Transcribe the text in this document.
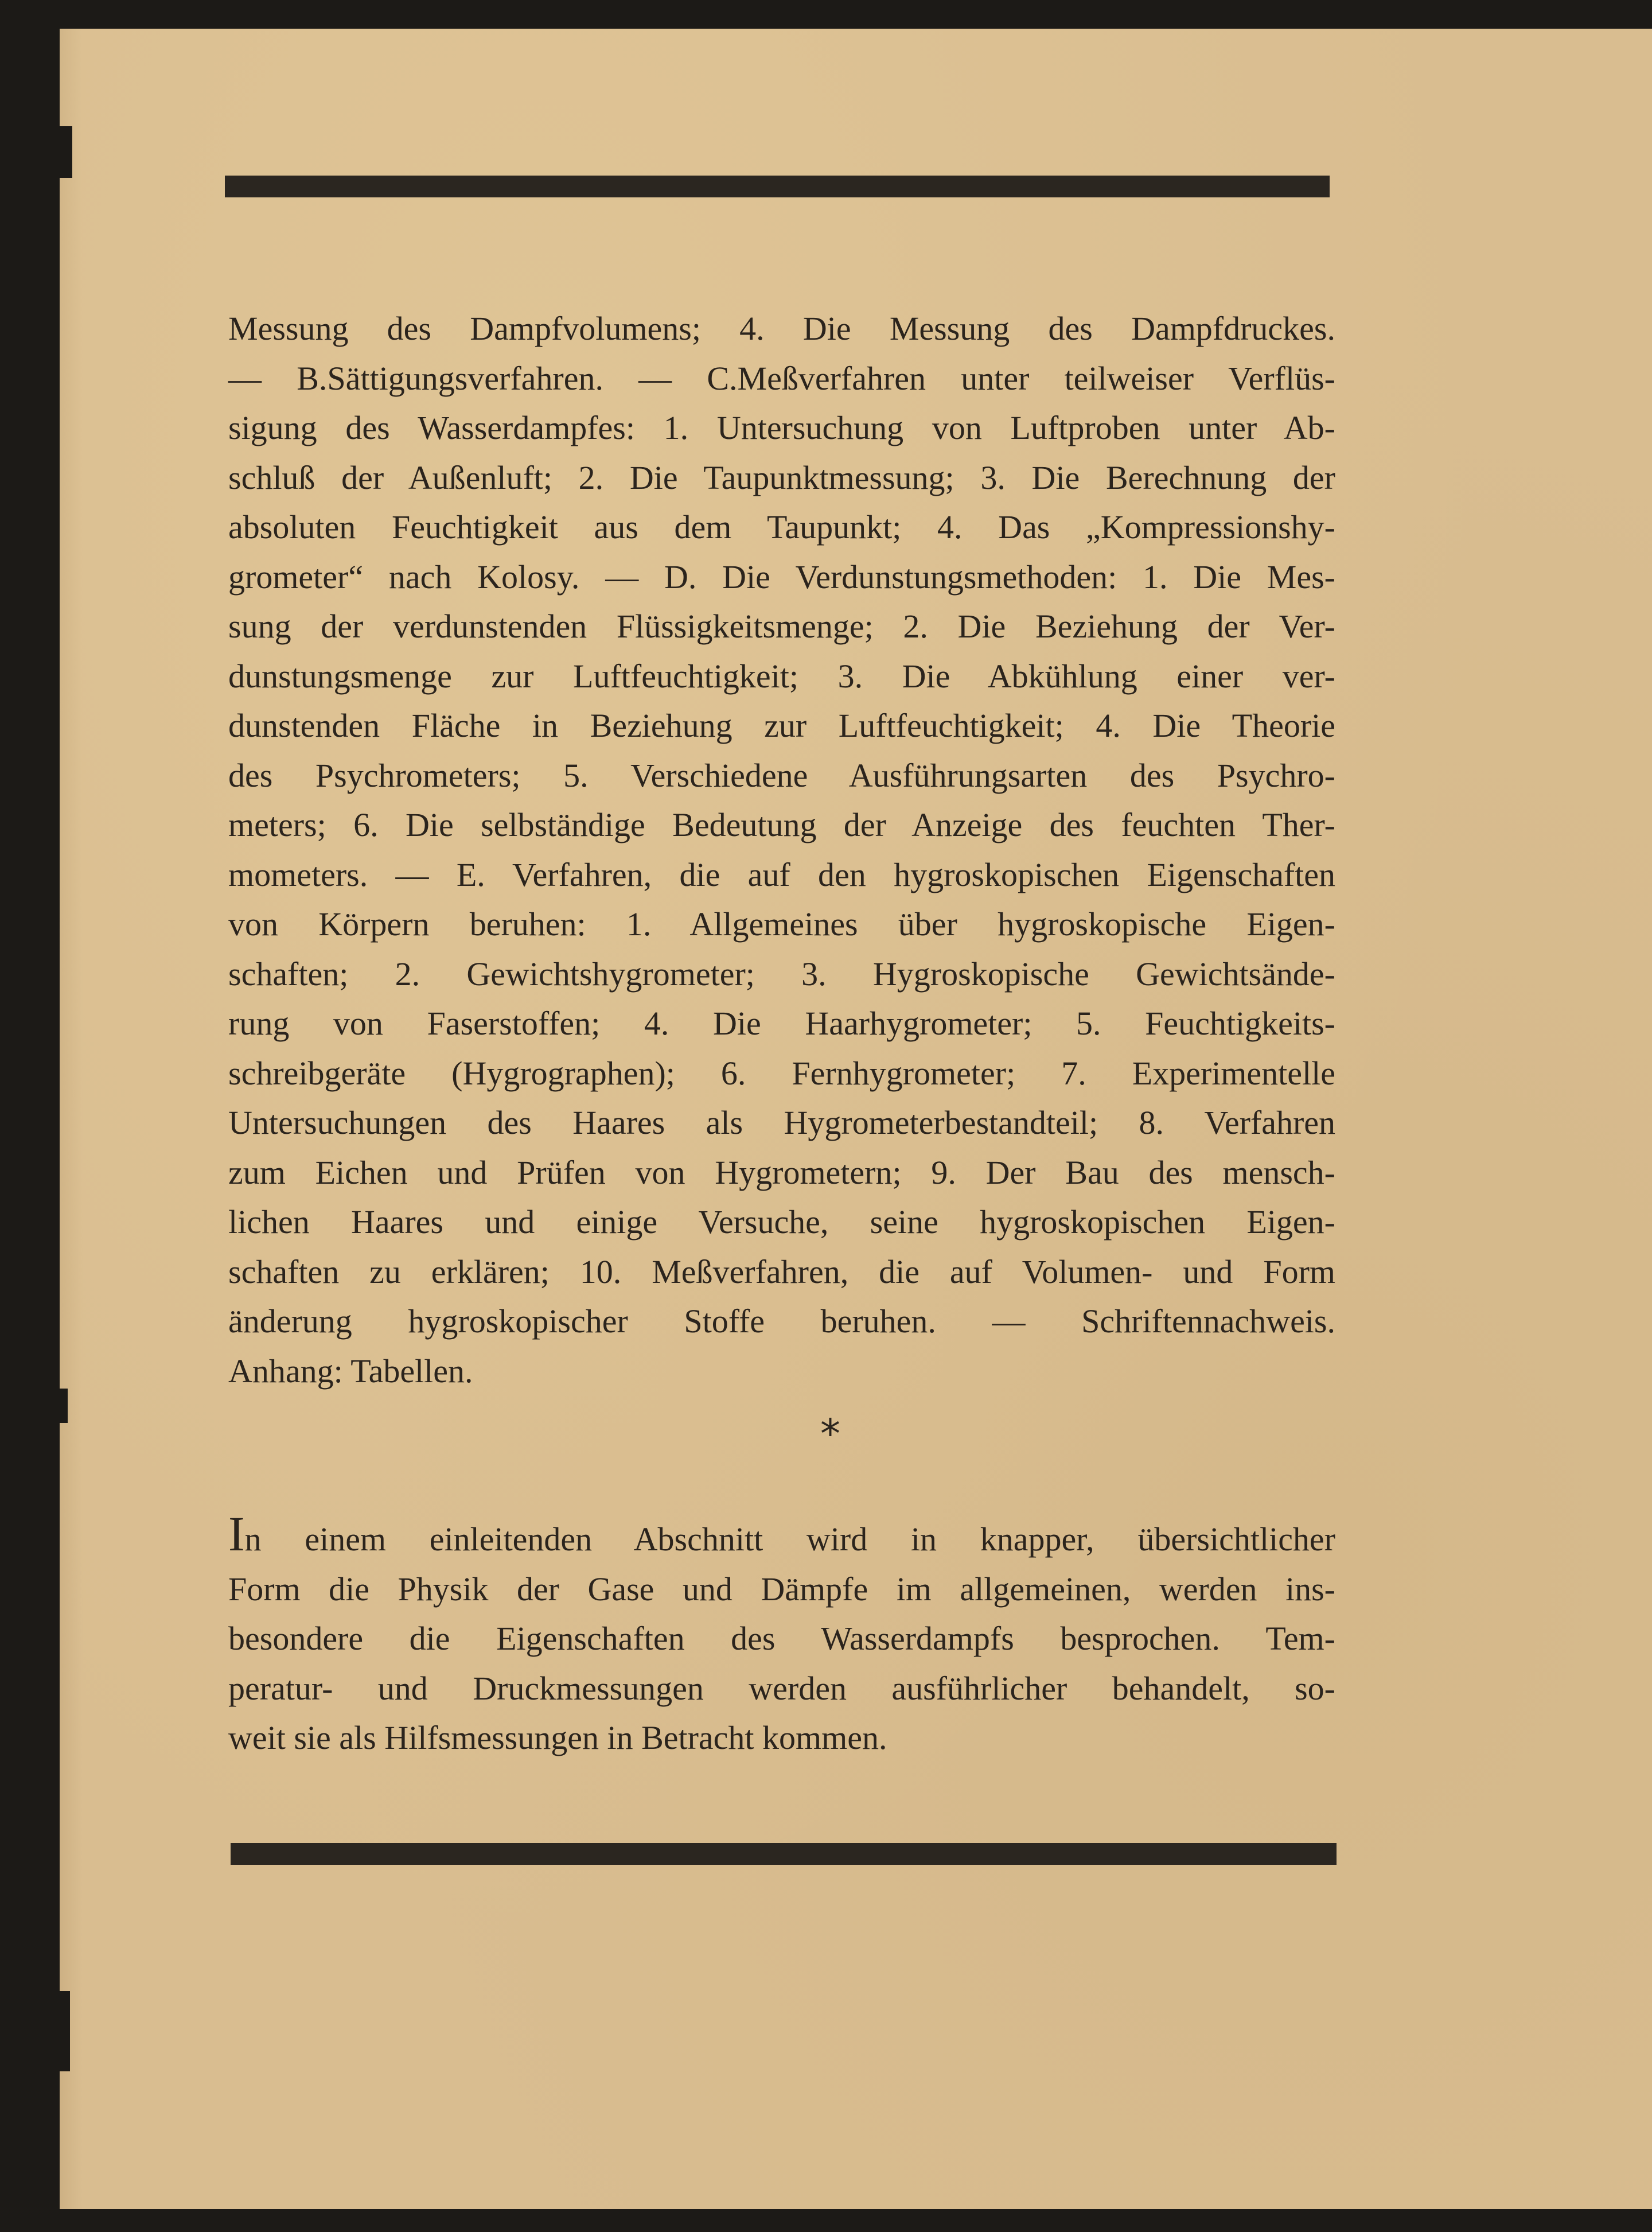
Messung des Dampfvolumens; 4. Die Messung des Dampfdruckes.
— B.Sättigungsverfahren. — C.Meßverfahren unter teilweiser Verflüs-
sigung des Wasserdampfes: 1. Untersuchung von Luftproben unter Ab-
schluß der Außenluft; 2. Die Taupunktmessung; 3. Die Berechnung der
absoluten Feuchtigkeit aus dem Taupunkt; 4. Das „Kompressionshy-
grometer“ nach Kolosy. — D. Die Verdunstungsmethoden: 1. Die Mes-
sung der verdunstenden Flüssigkeitsmenge; 2. Die Beziehung der Ver-
dunstungsmenge zur Luftfeuchtigkeit; 3. Die Abkühlung einer ver-
dunstenden Fläche in Beziehung zur Luftfeuchtigkeit; 4. Die Theorie
des Psychrometers; 5. Verschiedene Ausführungsarten des Psychro-
meters; 6. Die selbständige Bedeutung der Anzeige des feuchten Ther-
mometers. — E. Verfahren, die auf den hygroskopischen Eigenschaften
von Körpern beruhen: 1. Allgemeines über hygroskopische Eigen-
schaften; 2. Gewichtshygrometer; 3. Hygroskopische Gewichtsände-
rung von Faserstoffen; 4. Die Haarhygrometer; 5. Feuchtigkeits-
schreibgeräte (Hygrographen); 6. Fernhygrometer; 7. Experimentelle
Untersuchungen des Haares als Hygrometerbestandteil; 8. Verfahren
zum Eichen und Prüfen von Hygrometern; 9. Der Bau des mensch-
lichen Haares und einige Versuche, seine hygroskopischen Eigen-
schaften zu erklären; 10. Meßverfahren, die auf Volumen- und Form
änderung hygroskopischer Stoffe beruhen. — Schriftennachweis.
Anhang: Tabellen.
*
In einem einleitenden Abschnitt wird in knapper, übersichtlicher
Form die Physik der Gase und Dämpfe im allgemeinen, werden ins-
besondere die Eigenschaften des Wasserdampfs besprochen. Tem-
peratur- und Druckmessungen werden ausführlicher behandelt, so-
weit sie als Hilfsmessungen in Betracht kommen.
